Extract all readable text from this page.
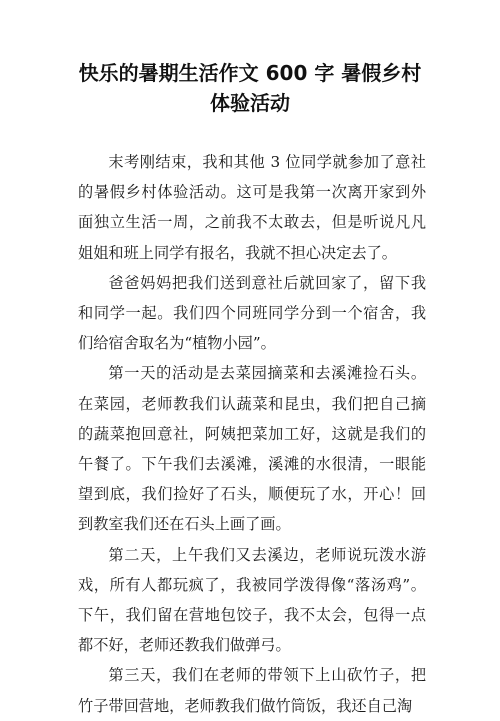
快乐的暑期生活作文 600 字 暑假乡村
体验活动

末考刚结束，我和其他 3 位同学就参加了意社的暑假乡村体验活动。这可是我第一次离开家到外面独立生活一周，之前我不太敢去，但是听说凡凡姐姐和班上同学有报名，我就不担心决定去了。

爸爸妈妈把我们送到意社后就回家了，留下我和同学一起。我们四个同班同学分到一个宿舍，我们给宿舍取名为“植物小园”。

第一天的活动是去菜园摘菜和去溪滩捡石头。在菜园，老师教我们认蔬菜和昆虫，我们把自己摘的蔬菜抱回意社，阿姨把菜加工好，这就是我们的午餐了。下午我们去溪滩，溪滩的水很清，一眼能望到底，我们捡好了石头，顺便玩了水，开心！回到教室我们还在石头上画了画。

第二天，上午我们又去溪边，老师说玩泼水游戏，所有人都玩疯了，我被同学泼得像“落汤鸡”。下午，我们留在营地包饺子，我不太会，包得一点都不好，老师还教我们做弹弓。

第三天，我们在老师的带领下上山砍竹子，把竹子带回营地，老师教我们做竹筒饭，我还自己淘
